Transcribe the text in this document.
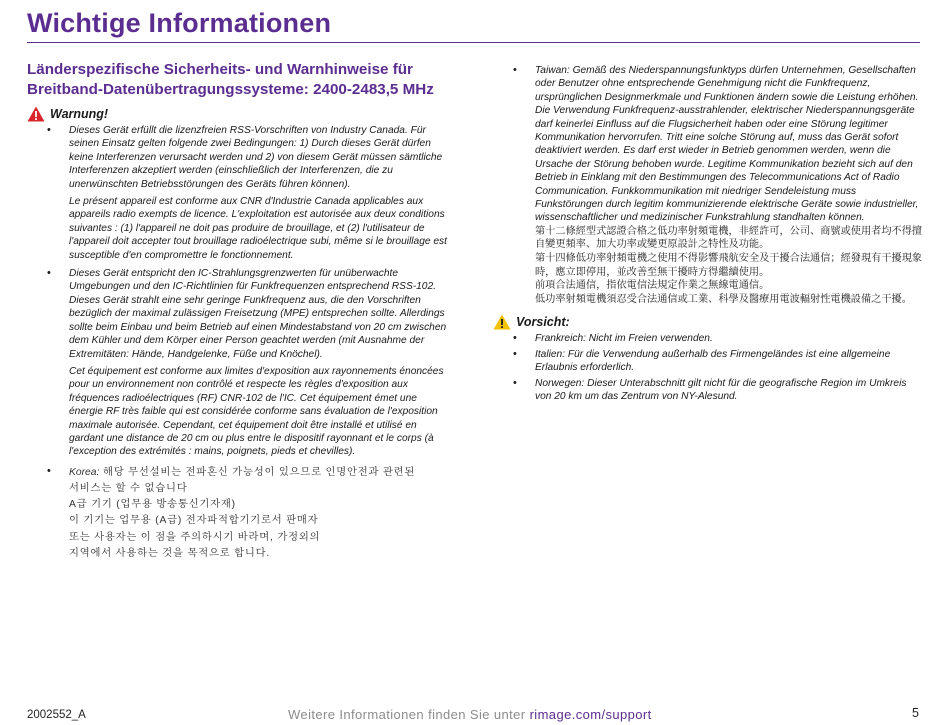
Wichtige Informationen
Länderspezifische Sicherheits- und Warnhinweise für Breitband-Datenübertragungssysteme: 2400-2483,5 MHz
Warnung!

• Dieses Gerät erfüllt die lizenzfreien RSS-Vorschriften von Industry Canada. Für seinen Einsatz gelten folgende zwei Bedingungen: 1) Durch dieses Gerät dürfen keine Interferenzen verursacht werden und 2) von diesem Gerät müssen sämtliche Interferenzen akzeptiert werden (einschließlich der Interferenzen, die zu unerwünschten Betriebsstörungen des Geräts führen können).

Le présent appareil est conforme aux CNR d'Industrie Canada applicables aux appareils radio exempts de licence. L'exploitation est autorisée aux deux conditions suivantes : (1) l'appareil ne doit pas produire de brouillage, et (2) l'utilisateur de l'appareil doit accepter tout brouillage radioélectrique subi, même si le brouillage est susceptible d'en compromettre le fonctionnement.

• Dieses Gerät entspricht den IC-Strahlungsgrenzwerten für unüberwachte Umgebungen und den IC-Richtlinien für Funkfrequenzen entsprechend RSS-102. Dieses Gerät strahlt eine sehr geringe Funkfrequenz aus, die den Vorschriften bezüglich der maximal zulässigen Freisetzung (MPE) entsprechen sollte. Allerdings sollte beim Einbau und beim Betrieb auf einen Mindestabstand von 20 cm zwischen dem Kühler und dem Körper einer Person geachtet werden (mit Ausnahme der Extremitäten: Hände, Handgelenke, Füße und Knöchel).

Cet équipement est conforme aux limites d'exposition aux rayonnements énoncées pour un environnement non contrôlé et respecte les règles d'exposition aux fréquences radioélectriques (RF) CNR-102 de l'IC. Cet équipement émet une énergie RF très faible qui est considérée conforme sans évaluation de l'exposition maximale autorisée. Cependant, cet équipement doit être installé et utilisé en gardant une distance de 20 cm ou plus entre le dispositif rayonnant et le corps (à l'exception des extrémités : mains, poignets, pieds et chevilles).

• Korea: 해당 무선설비는 전파혼신 가능성이 있으므로 인명안전과 관련된
서비스는 할 수 없습니다
A급 기기 (업무용 방송통신기자재)
이 기기는 업무용 (A급) 전자파적합기기로서 판매자
또는 사용자는 이 점을 주의하시기 바라며, 가정외의
지역에서 사용하는 것을 목적으로 합니다.

• Taiwan: Gemäß des Niederspannungsfunktyps dürfen Unternehmen, Gesellschaften oder Benutzer ohne entsprechende Genehmigung nicht die Funkfrequenz, ursprünglichen Designmerkmale und Funktionen ändern sowie die Leistung erhöhen. Die Verwendung Funkfrequenz-ausstrahlender, elektrischer Niederspannungsgeräte darf keinerlei Einfluss auf die Flugsicherheit haben oder eine Störung legitimer Kommunikation hervorrufen. Tritt eine solche Störung auf, muss das Gerät sofort deaktiviert werden. Es darf erst wieder in Betrieb genommen werden, wenn die Ursache der Störung behoben wurde. Legitime Kommunikation bezieht sich auf den Betrieb in Einklang mit den Bestimmungen des Telecommunications Act of Radio Communication. Funkkommunikation mit niedriger Sendeleistung muss Funkstörungen durch legitim kommunizierende elektrische Geräte sowie industrieller, wissenschaftlicher und medizinischer Funkstrahlung standhalten können.

第十二條經型式認證合格之低功率射頻電機，非經許可，公司、商號或使用者均不得擅自變更頻率、加大功率或變更原設計之特性及功能。

第十四條低功率射頻電機之使用不得影響飛航安全及干擾合法通信；經發現有干擾現象時，應立即停用，並改善至無干擾時方得繼續使用。

前項合法通信，指依電信法規定作業之無線電通信。

低功率射頻電機須忍受合法通信或工業、科學及醫療用電波輻射性電機設備之干擾。

Vorsicht:

• Frankreich: Nicht im Freien verwenden.

• Italien: Für die Verwendung außerhalb des Firmengeländes ist eine allgemeine Erlaubnis erforderlich.

• Norwegen: Dieser Unterabschnitt gilt nicht für die geografische Region im Umkreis von 20 km um das Zentrum von NY-Alesund.

2002552_A	Weitere Informationen finden Sie unter rimage.com/support	5
